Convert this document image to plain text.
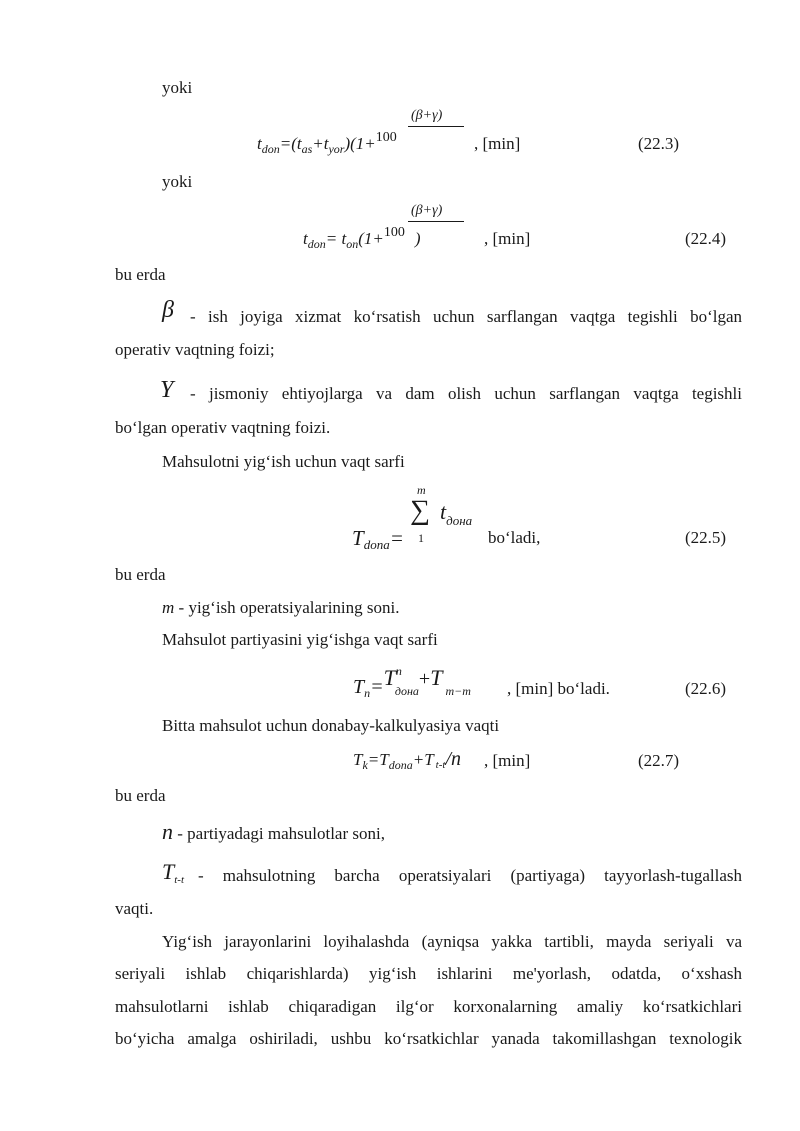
yoki
(β+γ)
$t_{don}=(t_{as}+t_{yor})(1+^{100}$	, [min]	(22.3)
yoki
(β+γ)
$t_{don}= t_{on}(1+^{100}$ )	, [min]	(22.4)
bu erda
β - ish joyiga xizmat koʻrsatish uchun sarflangan vaqtga tegishli boʻlgan
operativ vaqtning foizi;
Y - jismoniy ehtiyojlarga va dam olish uchun sarflangan vaqtga tegishli
boʻlgan operativ vaqtning foizi.
Mahsulotni yigʻish uchun vaqt sarfi
m
∑ $t_{дона}$
1
Tdona=	boʻladi,	(22.5)
bu erda
m - yigʻish operatsiyalarining soni.
Mahsulot partiyasini yigʻishga vaqt sarfi
$T_n=T^nдона+Tm-m$ , [min] boʻladi.	(22.6)
Bitta mahsulot uchun donabay-kalkulyasiya vaqti
$T_k=T_{dona}+T$ t-t/n , [min]	(22.7)
bu erda
n - partiyadagi mahsulotlar soni,
Tt-t - mahsulotning barcha operatsiyalari (partiyaga) tayyorlash-tugallash
vaqti.
Yigʻish jarayonlarini loyihalashda (ayniqsa yakka tartibli, mayda seriyali va
seriyali ishlab chiqarishlarda) yigʻish ishlarini me'yorlash, odatda, oʻxshash
mahsulotlarni ishlab chiqaradigan ilgʻor korxonalarning amaliy koʻrsatkichlari
boʻyicha amalga oshiriladi, ushbu koʻrsatkichlar yanada takomillashgan texnologik
